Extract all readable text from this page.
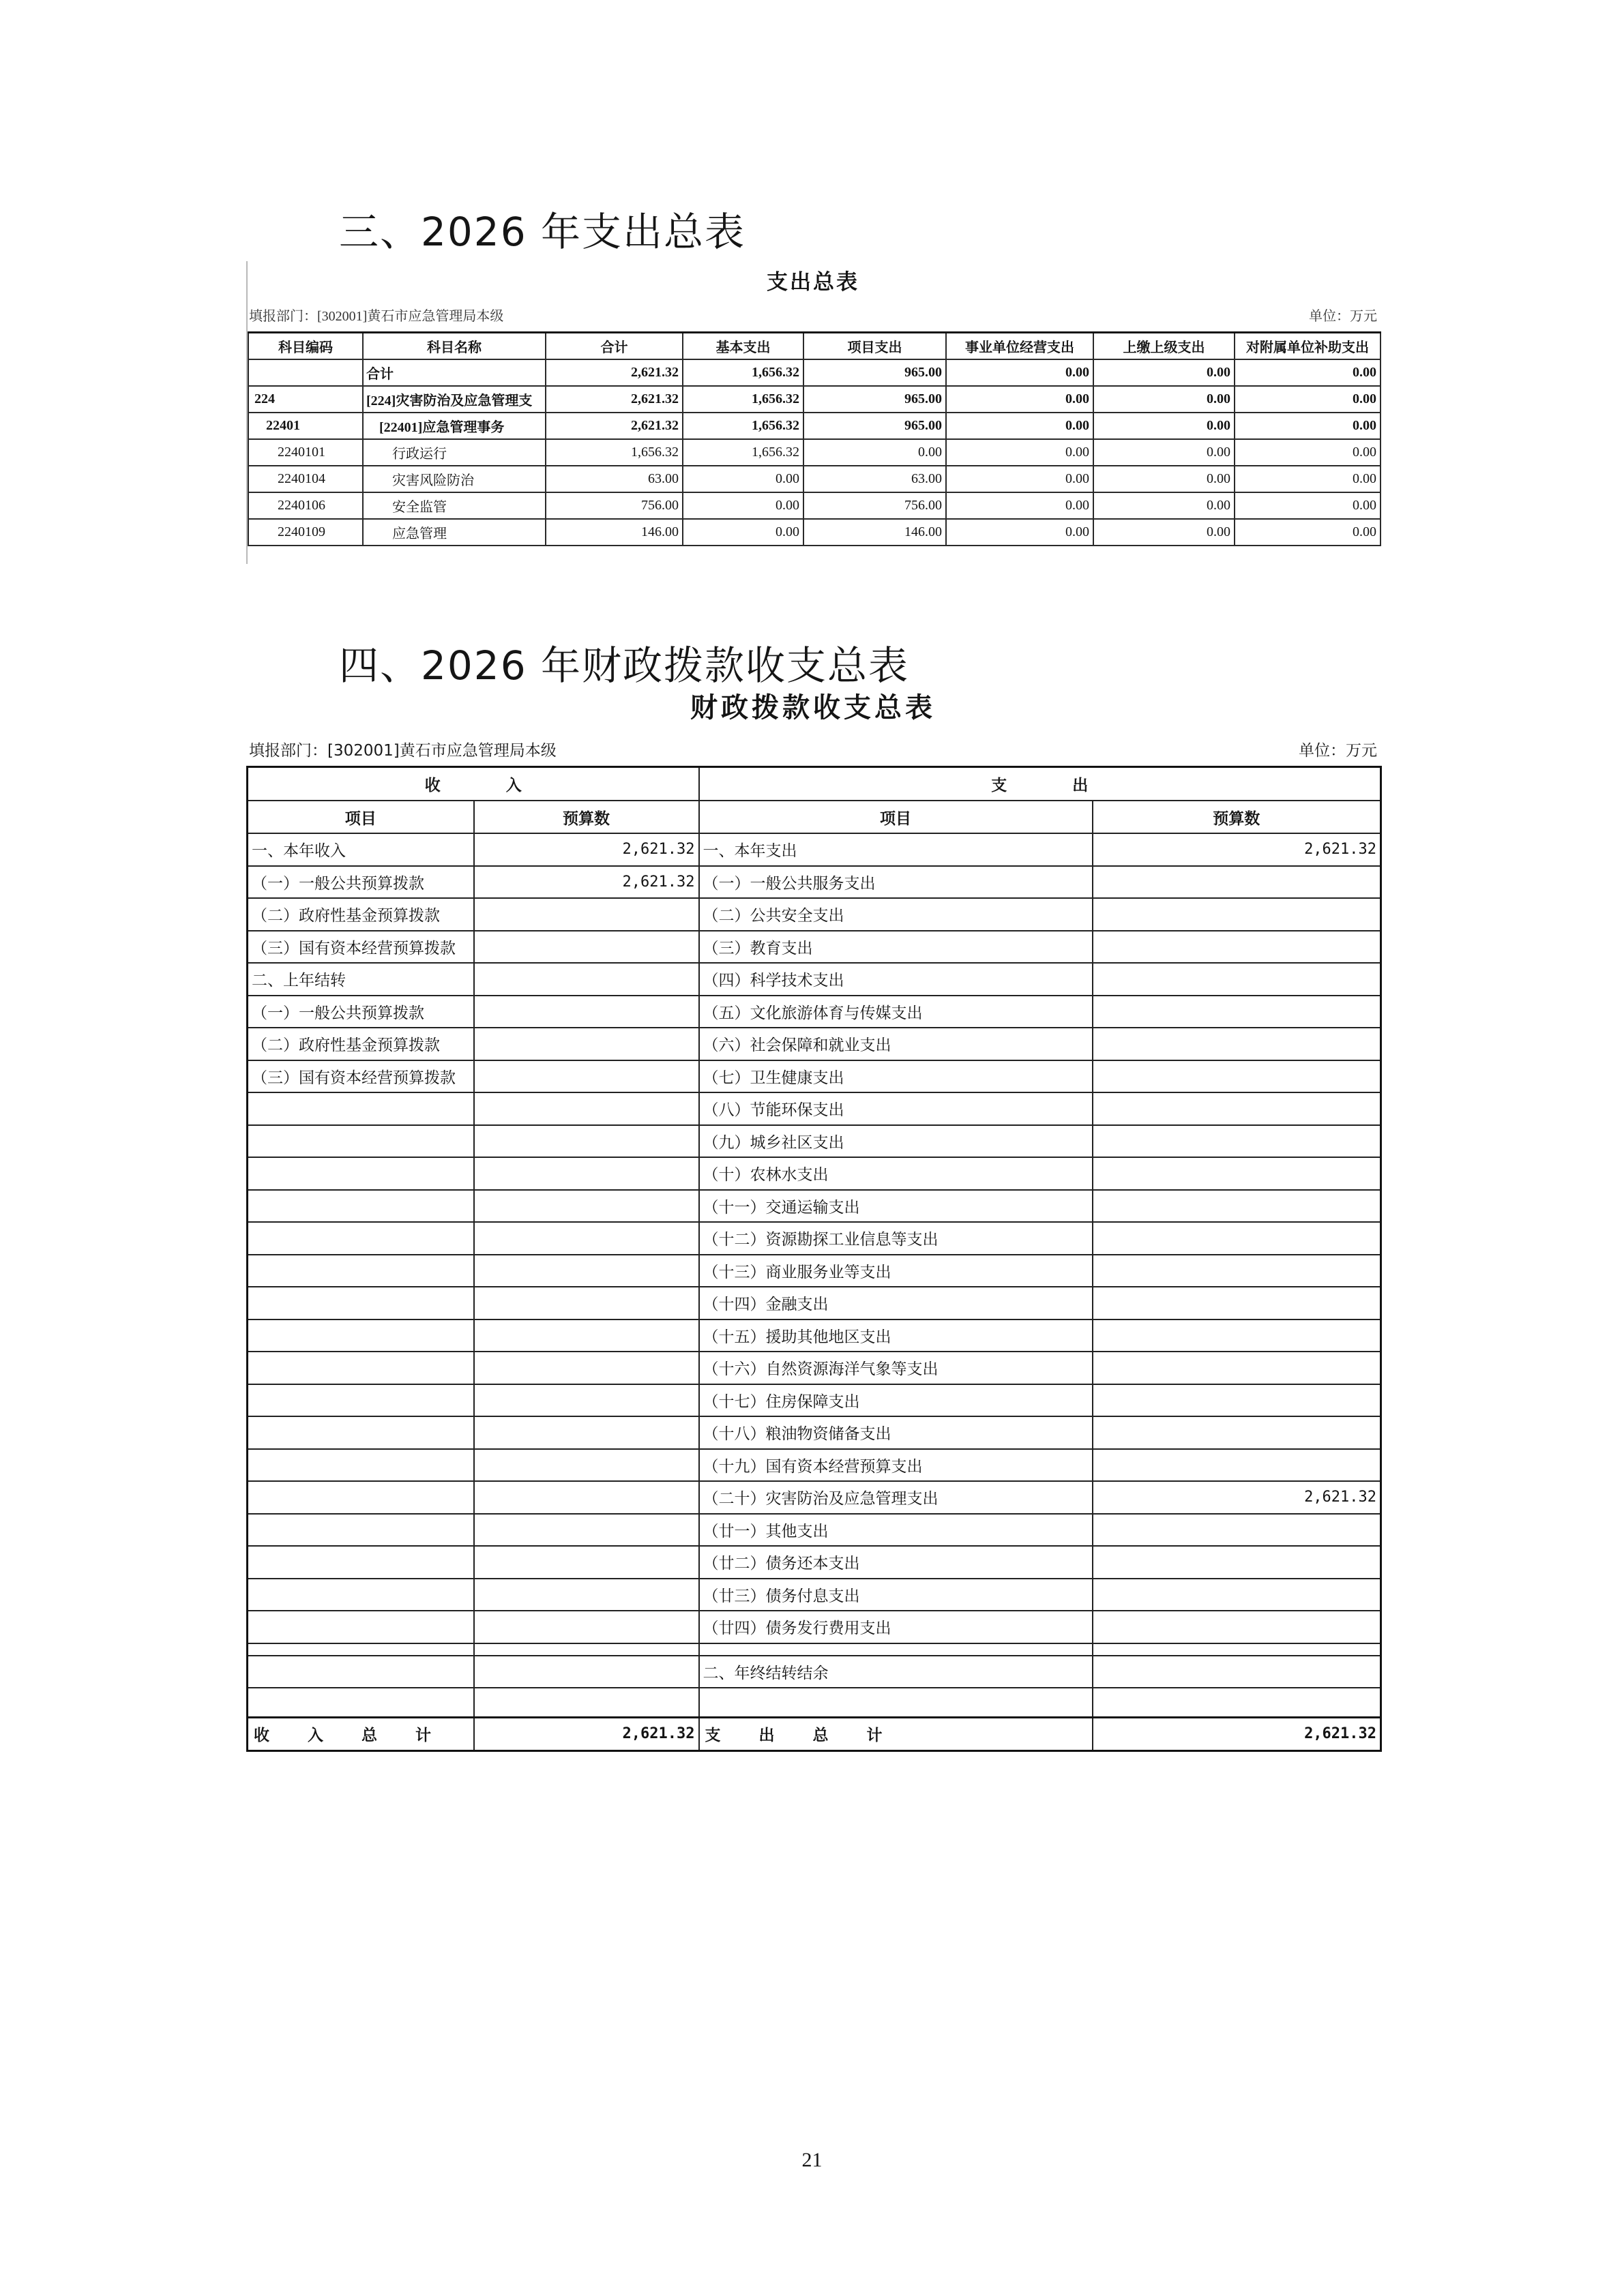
三、2026 年支出总表
支出总表
填报部门：[302001]黄石市应急管理局本级	单位：万元
科目编码	科目名称	合计	基本支出	项目支出	事业单位经营支出	上缴上级支出	对附属单位补助支出
	合计	2,621.32	1,656.32	965.00	0.00	0.00	0.00
224	[224]灾害防治及应急管理支	2,621.32	1,656.32	965.00	0.00	0.00	0.00
22401	[22401]应急管理事务	2,621.32	1,656.32	965.00	0.00	0.00	0.00
2240101	行政运行	1,656.32	1,656.32	0.00	0.00	0.00	0.00
2240104	灾害风险防治	63.00	0.00	63.00	0.00	0.00	0.00
2240106	安全监管	756.00	0.00	756.00	0.00	0.00	0.00
2240109	应急管理	146.00	0.00	146.00	0.00	0.00	0.00
四、2026 年财政拨款收支总表
财政拨款收支总表
填报部门：[302001]黄石市应急管理局本级	单位：万元
收 入		支 出	
项目	预算数	项目	预算数
一、本年收入	2,621.32	一、本年支出	2,621.32
（一）一般公共预算拨款	2,621.32	（一）一般公共服务支出	
（二）政府性基金预算拨款		（二）公共安全支出	
（三）国有资本经营预算拨款		（三）教育支出	
二、上年结转		（四）科学技术支出	
（一）一般公共预算拨款		（五）文化旅游体育与传媒支出	
（二）政府性基金预算拨款		（六）社会保障和就业支出	
（三）国有资本经营预算拨款		（七）卫生健康支出	
		（八）节能环保支出	
		（九）城乡社区支出	
		（十）农林水支出	
		（十一）交通运输支出	
		（十二）资源勘探工业信息等支出	
		（十三）商业服务业等支出	
		（十四）金融支出	
		（十五）援助其他地区支出	
		（十六）自然资源海洋气象等支出	
		（十七）住房保障支出	
		（十八）粮油物资储备支出	
		（十九）国有资本经营预算支出	
		（二十）灾害防治及应急管理支出	2,621.32
		（廿一）其他支出	
		（廿二）债务还本支出	
		（廿三）债务付息支出	
		（廿四）债务发行费用支出	

		二、年终结转结余	

收 入 总 计	2,621.32	支 出 总 计	2,621.32
21
